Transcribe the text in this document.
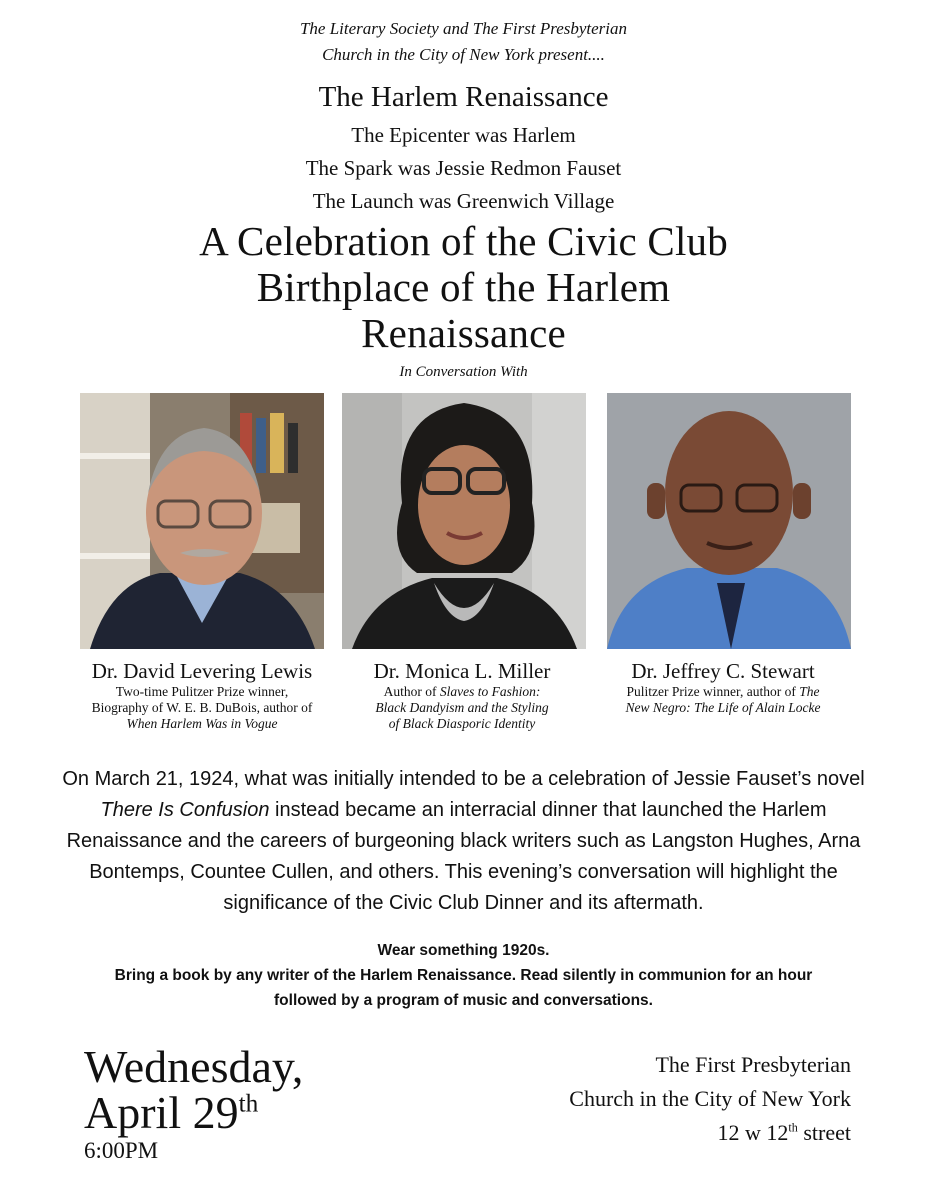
The Literary Society and The First Presbyterian
Church in the City of New York present....
The Harlem Renaissance
The Epicenter was Harlem
The Spark was Jessie Redmon Fauset
The Launch was Greenwich Village
A Celebration of the Civic Club
Birthplace of the Harlem
Renaissance
In Conversation With
Dr. David Levering Lewis
Two-time Pulitzer Prize winner,
Biography of W. E. B. DuBois, author of
When Harlem Was in Vogue
Dr. Monica L. Miller
Author of Slaves to Fashion:
Black Dandyism and the Styling
of Black Diasporic Identity
Dr. Jeffrey C. Stewart
Pulitzer Prize winner, author of The
New Negro: The Life of Alain Locke
On March 21, 1924, what was initially intended to be a celebration of Jessie Fauset’s novel There Is Confusion instead became an interracial dinner that launched the Harlem Renaissance and the careers of burgeoning black writers such as Langston Hughes, Arna Bontemps, Countee Cullen, and others. This evening’s conversation will highlight the significance of the Civic Club Dinner and its aftermath.
Wear something 1920s.
Bring a book by any writer of the Harlem Renaissance. Read silently in communion for an hour
followed by a program of music and conversations.
Wednesday,
April 29th
6:00PM
The First Presbyterian
Church in the City of New York
12 w 12th street
